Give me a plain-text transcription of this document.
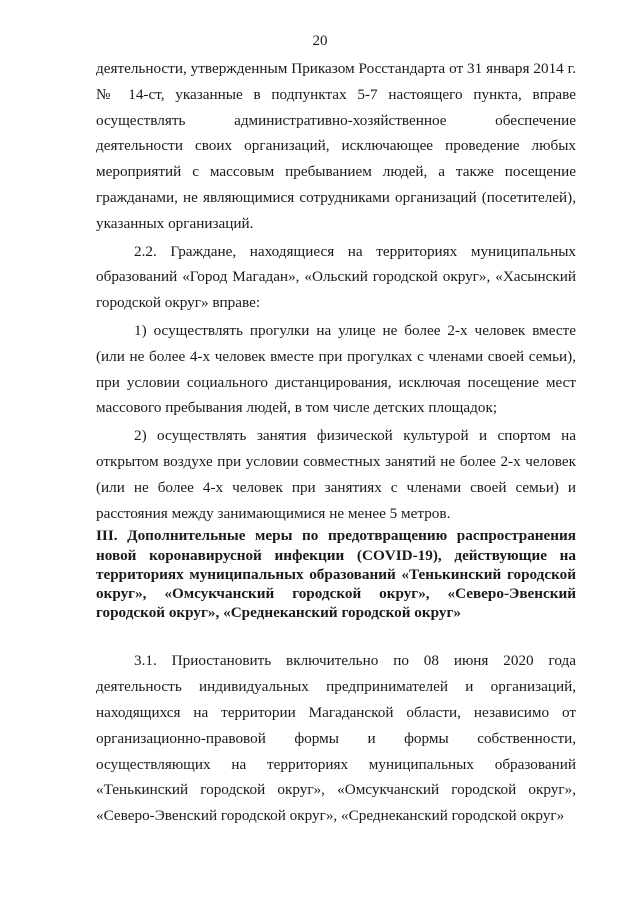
20

деятельности, утвержденным Приказом Росстандарта от 31 января 2014 г. № 14-ст, указанные в подпунктах 5-7 настоящего пункта, вправе осуществлять административно-хозяйственное обеспечение деятельности своих организаций, исключающее проведение любых мероприятий с массовым пребыванием людей, а также посещение гражданами, не являющимися сотрудниками организаций (посетителей), указанных организаций.

2.2. Граждане, находящиеся на территориях муниципальных образований «Город Магадан», «Ольский городской округ», «Хасынский городской округ» вправе:

1) осуществлять прогулки на улице не более 2-х человек вместе (или не более 4-х человек вместе при прогулках с членами своей семьи), при условии социального дистанцирования, исключая посещение мест массового пребывания людей, в том числе детских площадок;

2) осуществлять занятия физической культурой и спортом на открытом воздухе при условии совместных занятий не более 2-х человек (или не более 4-х человек при занятиях с членами своей семьи) и расстояния между занимающимися не менее 5 метров.

III. Дополнительные меры по предотвращению распространения новой коронавирусной инфекции (COVID-19), действующие на территориях муниципальных образований «Тенькинский городской округ», «Омсукчанский городской округ», «Северо-Эвенский городской округ», «Среднеканский городской округ»

3.1. Приостановить включительно по 08 июня 2020 года деятельность индивидуальных предпринимателей и организаций, находящихся на территории Магаданской области, независимо от организационно-правовой формы и формы собственности, осуществляющих на территориях муниципальных образований «Тенькинский городской округ», «Омсукчанский городской округ», «Северо-Эвенский городской округ», «Среднеканский городской округ»
